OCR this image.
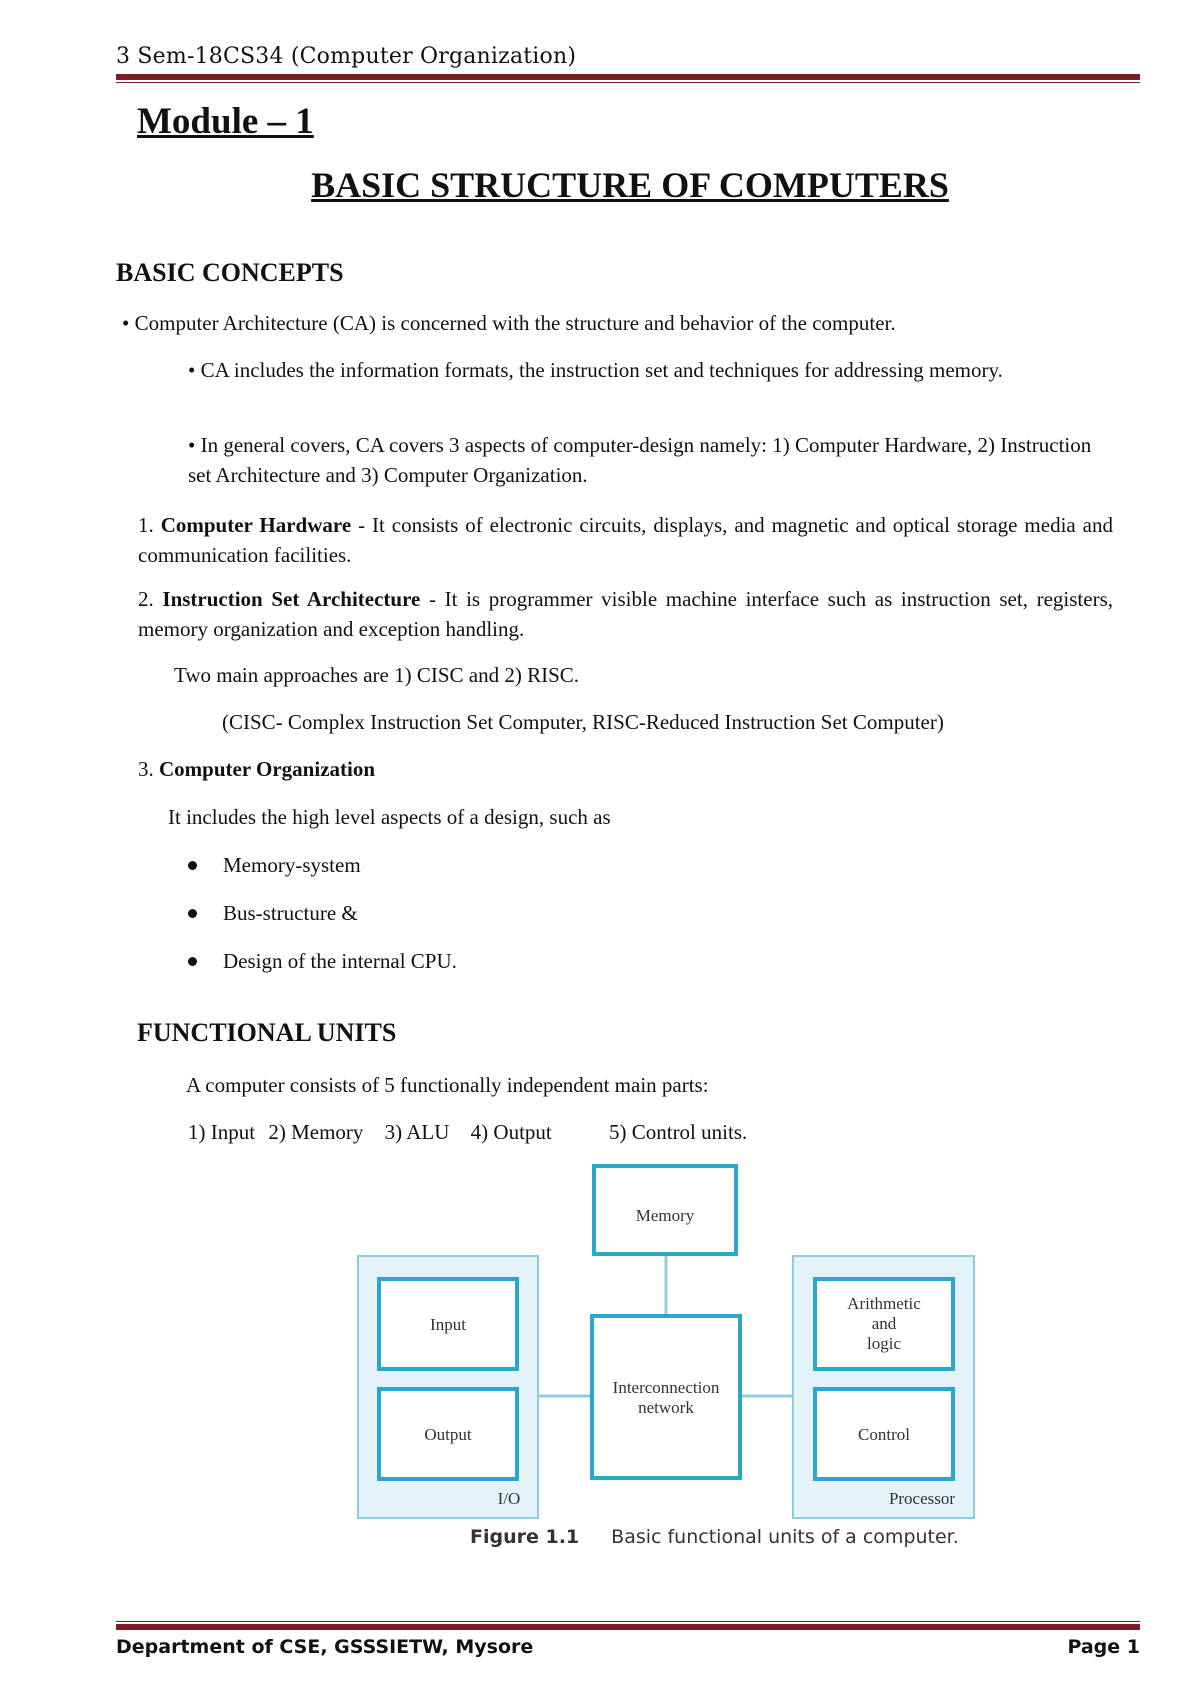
3 Sem-18CS34 (Computer Organization)
Module – 1
BASIC STRUCTURE OF COMPUTERS
BASIC CONCEPTS
• Computer Architecture (CA) is concerned with the structure and behavior of the computer.
• CA includes the information formats, the instruction set and techniques for addressing memory.
• In general covers, CA covers 3 aspects of computer-design namely: 1) Computer Hardware, 2) Instruction set Architecture and 3) Computer Organization.
1. Computer Hardware - It consists of electronic circuits, displays, and magnetic and optical storage media and communication facilities.
2. Instruction Set Architecture - It is programmer visible machine interface such as instruction set, registers, memory organization and exception handling.
Two main approaches are 1) CISC and 2) RISC.
(CISC- Complex Instruction Set Computer, RISC-Reduced Instruction Set Computer)
3. Computer Organization
It includes the high level aspects of a design, such as
Memory-system
Bus-structure &
Design of the internal CPU.
FUNCTIONAL UNITS
A computer consists of 5 functionally independent main parts:
1) Input 2) Memory 3) ALU 4) Output	5) Control units.
Memory
Input
Output
Interconnection
network
Arithmetic
and
logic
Control
I/O	Processor
Figure 1.1 Basic functional units of a computer.
Department of CSE, GSSSIETW, Mysore	Page 1
